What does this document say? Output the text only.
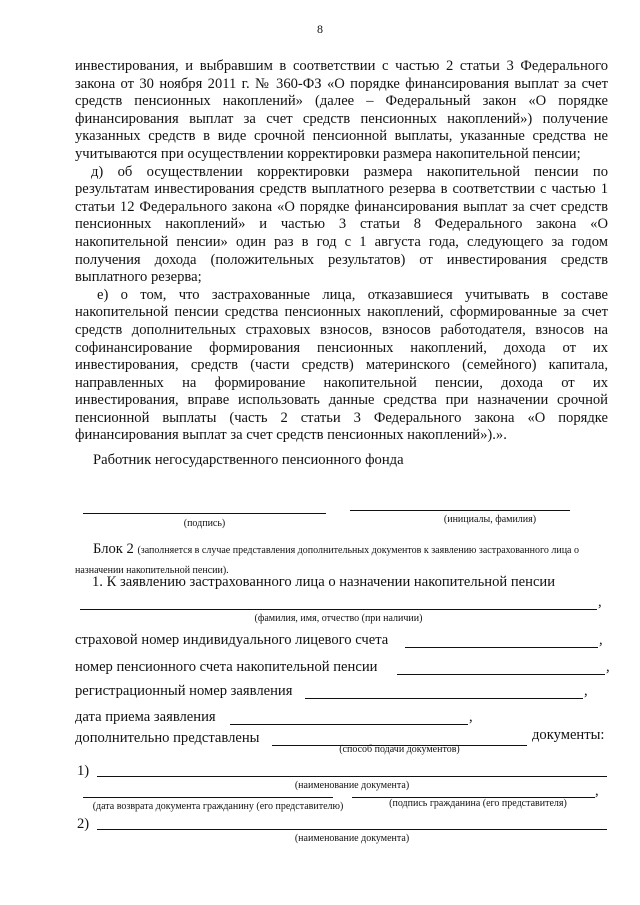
8

инвестирования, и выбравшим в соответствии с частью 2 статьи 3 Федерального закона от 30 ноября 2011 г. № 360-ФЗ «О порядке финансирования выплат за счет средств пенсионных накоплений» (далее – Федеральный закон «О порядке финансирования выплат за счет средств пенсионных накоплений») получение указанных средств в виде срочной пенсионной выплаты, указанные средства не учитываются при осуществлении корректировки размера накопительной пенсии;

д) об осуществлении корректировки размера накопительной пенсии по результатам инвестирования средств выплатного резерва в соответствии с частью 1 статьи 12 Федерального закона «О порядке финансирования выплат за счет средств пенсионных накоплений» и частью 3 статьи 8 Федерального закона «О накопительной пенсии» один раз в год с 1 августа года, следующего за годом получения дохода (положительных результатов) от инвестирования средств выплатного резерва;

е) о том, что застрахованные лица, отказавшиеся учитывать в составе накопительной пенсии средства пенсионных накоплений, сформированные за счет средств дополнительных страховых взносов, взносов работодателя, взносов на софинансирование формирования пенсионных накоплений, дохода от их инвестирования, средств (части средств) материнского (семейного) капитала, направленных на формирование накопительной пенсии, дохода от их инвестирования, вправе использовать данные средства при назначении срочной пенсионной выплаты (часть 2 статьи 3 Федерального закона «О порядке финансирования выплат за счет средств пенсионных накоплений»).».

Работник негосударственного пенсионного фонда
(подпись)	(инициалы, фамилия)
Блок 2 (заполняется в случае представления дополнительных документов к заявлению застрахованного лица о назначении накопительной пенсии).
1. К заявлению застрахованного лица о назначении накопительной пенсии
,
(фамилия, имя, отчество (при наличии)
страховой номер индивидуального лицевого счета	,
номер пенсионного счета накопительной пенсии	,
регистрационный номер заявления	,
дата приема заявления	,
дополнительно представлены	документы:
(способ подачи документов)
1)
(наименование документа)	,
(дата возврата документа гражданину (его представителю)	(подпись гражданина (его представителя)
2)
(наименование документа)
